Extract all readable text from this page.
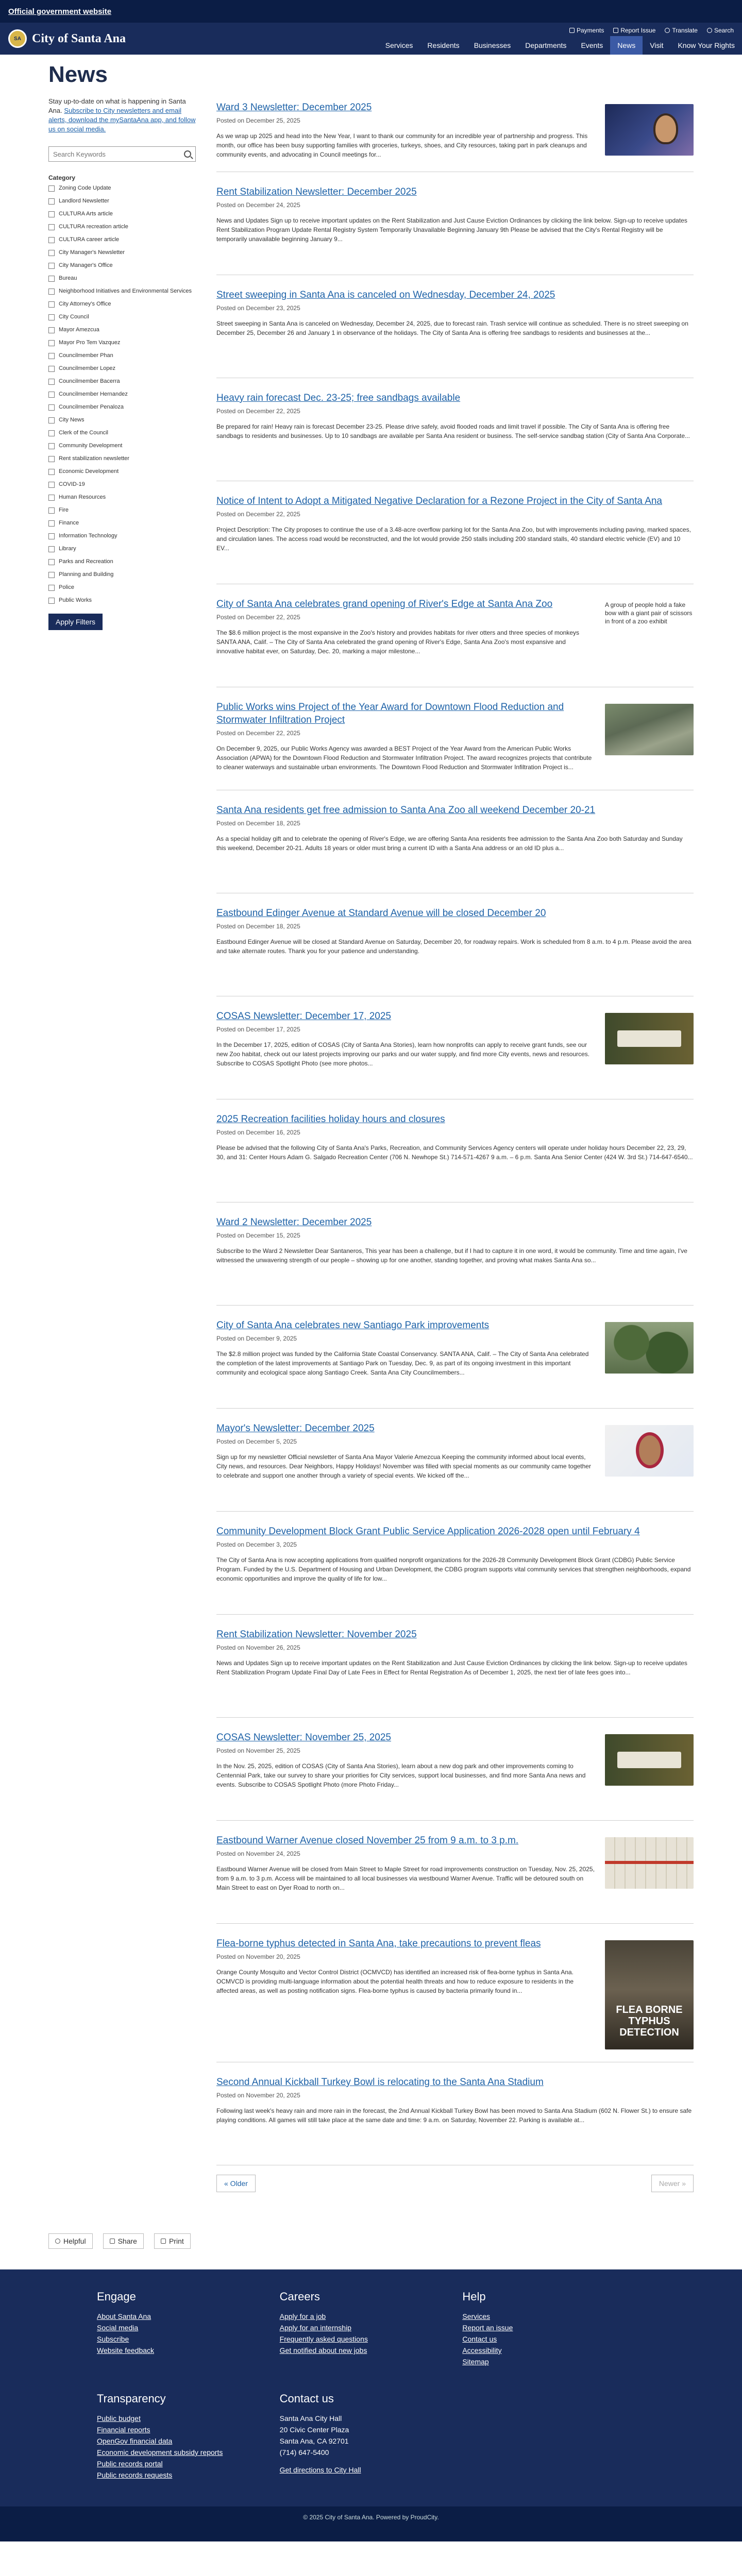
Official government website
SA City of Santa Ana
Payments	Report Issue	Translate	Search
Services	Residents	Businesses	Departments	Events	News	Visit	Know Your Rights
News

Stay up-to-date on what is happening in Santa Ana. Subscribe to City newsletters and email alerts, download the mySantaAna app, and follow us on social media.

Search Keywords
Category
Zoning Code Update
Landlord Newsletter
CULTURA Arts article
CULTURA recreation article
CULTURA career article
City Manager's Newsletter
City Manager's Office
Bureau
Neighborhood Initiatives and Environmental Services
City Attorney's Office
City Council
Mayor Amezcua
Mayor Pro Tem Vazquez
Councilmember Phan
Councilmember Lopez
Councilmember Bacerra
Councilmember Hernandez
Councilmember Penaloza
City News
Clerk of the Council
Community Development
Rent stabilization newsletter
Economic Development
COVID-19
Human Resources
Fire
Finance
Information Technology
Library
Parks and Recreation
Planning and Building
Police
Public Works
Apply Filters
Ward 3 Newsletter: December 2025
Posted on December 25, 2025

As we wrap up 2025 and head into the New Year, I want to thank our community for an incredible year of partnership and progress. This month, our office has been busy supporting families with groceries, turkeys, shoes, and City resources, taking part in park cleanups and community events, and advocating in Council meetings for...

Rent Stabilization Newsletter: December 2025
Posted on December 24, 2025

News and Updates Sign up to receive important updates on the Rent Stabilization and Just Cause Eviction Ordinances by clicking the link below. Sign-up to receive updates Rent Stabilization Program Update Rental Registry System Temporarily Unavailable Beginning January 9th Please be advised that the City's Rental Registry will be temporarily unavailable beginning January 9...

Street sweeping in Santa Ana is canceled on Wednesday, December 24, 2025
Posted on December 23, 2025

Street sweeping in Santa Ana is canceled on Wednesday, December 24, 2025, due to forecast rain. Trash service will continue as scheduled. There is no street sweeping on December 25, December 26 and January 1 in observance of the holidays. The City of Santa Ana is offering free sandbags to residents and businesses at the...

Heavy rain forecast Dec. 23-25; free sandbags available
Posted on December 22, 2025

Be prepared for rain! Heavy rain is forecast December 23-25. Please drive safely, avoid flooded roads and limit travel if possible. The City of Santa Ana is offering free sandbags to residents and businesses. Up to 10 sandbags are available per Santa Ana resident or business. The self-service sandbag station (City of Santa Ana Corporate...

Notice of Intent to Adopt a Mitigated Negative Declaration for a Rezone Project in the City of Santa Ana
Posted on December 22, 2025

Project Description: The City proposes to continue the use of a 3.48-acre overflow parking lot for the Santa Ana Zoo, but with improvements including paving, marked spaces, and circulation lanes. The access road would be reconstructed, and the lot would provide 250 stalls including 200 standard stalls, 40 standard electric vehicle (EV) and 10 EV...

City of Santa Ana celebrates grand opening of River's Edge at Santa Ana Zoo
Posted on December 22, 2025

The $8.6 million project is the most expansive in the Zoo's history and provides habitats for river otters and three species of monkeys SANTA ANA, Calif. – The City of Santa Ana celebrated the grand opening of River's Edge, Santa Ana Zoo's most expansive and innovative habitat ever, on Saturday, Dec. 20, marking a major milestone...

A group of people hold a fake bow with a giant pair of scissors in front of a zoo exhibit
Public Works wins Project of the Year Award for Downtown Flood Reduction and Stormwater Infiltration Project
Posted on December 22, 2025

On December 9, 2025, our Public Works Agency was awarded a BEST Project of the Year Award from the American Public Works Association (APWA) for the Downtown Flood Reduction and Stormwater Infiltration Project. The award recognizes projects that contribute to cleaner waterways and sustainable urban environments. The Downtown Flood Reduction and Stormwater Infiltration Project is...

Santa Ana residents get free admission to Santa Ana Zoo all weekend December 20-21
Posted on December 18, 2025

As a special holiday gift and to celebrate the opening of River's Edge, we are offering Santa Ana residents free admission to the Santa Ana Zoo both Saturday and Sunday this weekend, December 20-21. Adults 18 years or older must bring a current ID with a Santa Ana address or an old ID plus a...

Eastbound Edinger Avenue at Standard Avenue will be closed December 20
Posted on December 18, 2025

Eastbound Edinger Avenue will be closed at Standard Avenue on Saturday, December 20, for roadway repairs. Work is scheduled from 8 a.m. to 4 p.m. Please avoid the area and take alternate routes. Thank you for your patience and understanding.

COSAS Newsletter: December 17, 2025
Posted on December 17, 2025

In the December 17, 2025, edition of COSAS (City of Santa Ana Stories), learn how nonprofits can apply to receive grant funds, see our new Zoo habitat, check out our latest projects improving our parks and our water supply, and find more City events, news and resources. Subscribe to COSAS Spotlight Photo (see more photos...

2025 Recreation facilities holiday hours and closures
Posted on December 16, 2025

Please be advised that the following City of Santa Ana's Parks, Recreation, and Community Services Agency centers will operate under holiday hours December 22, 23, 29, 30, and 31: Center Hours Adam G. Salgado Recreation Center (706 N. Newhope St.) 714-571-4267 9 a.m. – 6 p.m. Santa Ana Senior Center (424 W. 3rd St.) 714-647-6540...

Ward 2 Newsletter: December 2025
Posted on December 15, 2025

Subscribe to the Ward 2 Newsletter Dear Santaneros, This year has been a challenge, but if I had to capture it in one word, it would be community. Time and time again, I've witnessed the unwavering strength of our people – showing up for one another, standing together, and proving what makes Santa Ana so...

City of Santa Ana celebrates new Santiago Park improvements
Posted on December 9, 2025

The $2.8 million project was funded by the California State Coastal Conservancy. SANTA ANA, Calif. – The City of Santa Ana celebrated the completion of the latest improvements at Santiago Park on Tuesday, Dec. 9, as part of its ongoing investment in this important community and ecological space along Santiago Creek. Santa Ana City Councilmembers...

Mayor's Newsletter: December 2025
Posted on December 5, 2025

Sign up for my newsletter Official newsletter of Santa Ana Mayor Valerie Amezcua Keeping the community informed about local events, City news, and resources. Dear Neighbors, Happy Holidays! November was filled with special moments as our community came together to celebrate and support one another through a variety of special events. We kicked off the...

Community Development Block Grant Public Service Application 2026-2028 open until February 4
Posted on December 3, 2025

The City of Santa Ana is now accepting applications from qualified nonprofit organizations for the 2026-28 Community Development Block Grant (CDBG) Public Service Program. Funded by the U.S. Department of Housing and Urban Development, the CDBG program supports vital community services that strengthen neighborhoods, expand economic opportunities and improve the quality of life for low...

Rent Stabilization Newsletter: November 2025
Posted on November 26, 2025

News and Updates Sign up to receive important updates on the Rent Stabilization and Just Cause Eviction Ordinances by clicking the link below. Sign-up to receive updates Rent Stabilization Program Update Final Day of Late Fees in Effect for Rental Registration As of December 1, 2025, the next tier of late fees goes into...

COSAS Newsletter: November 25, 2025
Posted on November 25, 2025

In the Nov. 25, 2025, edition of COSAS (City of Santa Ana Stories), learn about a new dog park and other improvements coming to Centennial Park, take our survey to share your priorities for City services, support local businesses, and find more Santa Ana news and events. Subscribe to COSAS Spotlight Photo (more Photo Friday...

Eastbound Warner Avenue closed November 25 from 9 a.m. to 3 p.m.
Posted on November 24, 2025

Eastbound Warner Avenue will be closed from Main Street to Maple Street for road improvements construction on Tuesday, Nov. 25, 2025, from 9 a.m. to 3 p.m. Access will be maintained to all local businesses via westbound Warner Avenue. Traffic will be detoured south on Main Street to east on Dyer Road to north on...

Flea-borne typhus detected in Santa Ana, take precautions to prevent fleas
Posted on November 20, 2025

Orange County Mosquito and Vector Control District (OCMVCD) has identified an increased risk of flea-borne typhus in Santa Ana. OCMVCD is providing multi-language information about the potential health threats and how to reduce exposure to residents in the affected areas, as well as posting notification signs. Flea-borne typhus is caused by bacteria primarily found in...

FLEA BORNE TYPHUS DETECTION
Second Annual Kickball Turkey Bowl is relocating to the Santa Ana Stadium
Posted on November 20, 2025

Following last week's heavy rain and more rain in the forecast, the 2nd Annual Kickball Turkey Bowl has been moved to Santa Ana Stadium (602 N. Flower St.) to ensure safe playing conditions. All games will still take place at the same date and time: 9 a.m. on Saturday, November 22. Parking is available at...

« Older	Newer »
Helpful	Share	Print
Engage
About Santa Ana
Social media
Subscribe
Website feedback
Careers
Apply for a job
Apply for an internship
Frequently asked questions
Get notified about new jobs
Help
Services
Report an issue
Contact us
Accessibility
Sitemap
Transparency
Public budget
Financial reports
OpenGov financial data
Economic development subsidy reports
Public records portal
Public records requests
Contact us
Santa Ana City Hall
20 Civic Center Plaza
Santa Ana, CA 92701
(714) 647-5400
Get directions to City Hall
© 2025 City of Santa Ana. Powered by ProudCity.
